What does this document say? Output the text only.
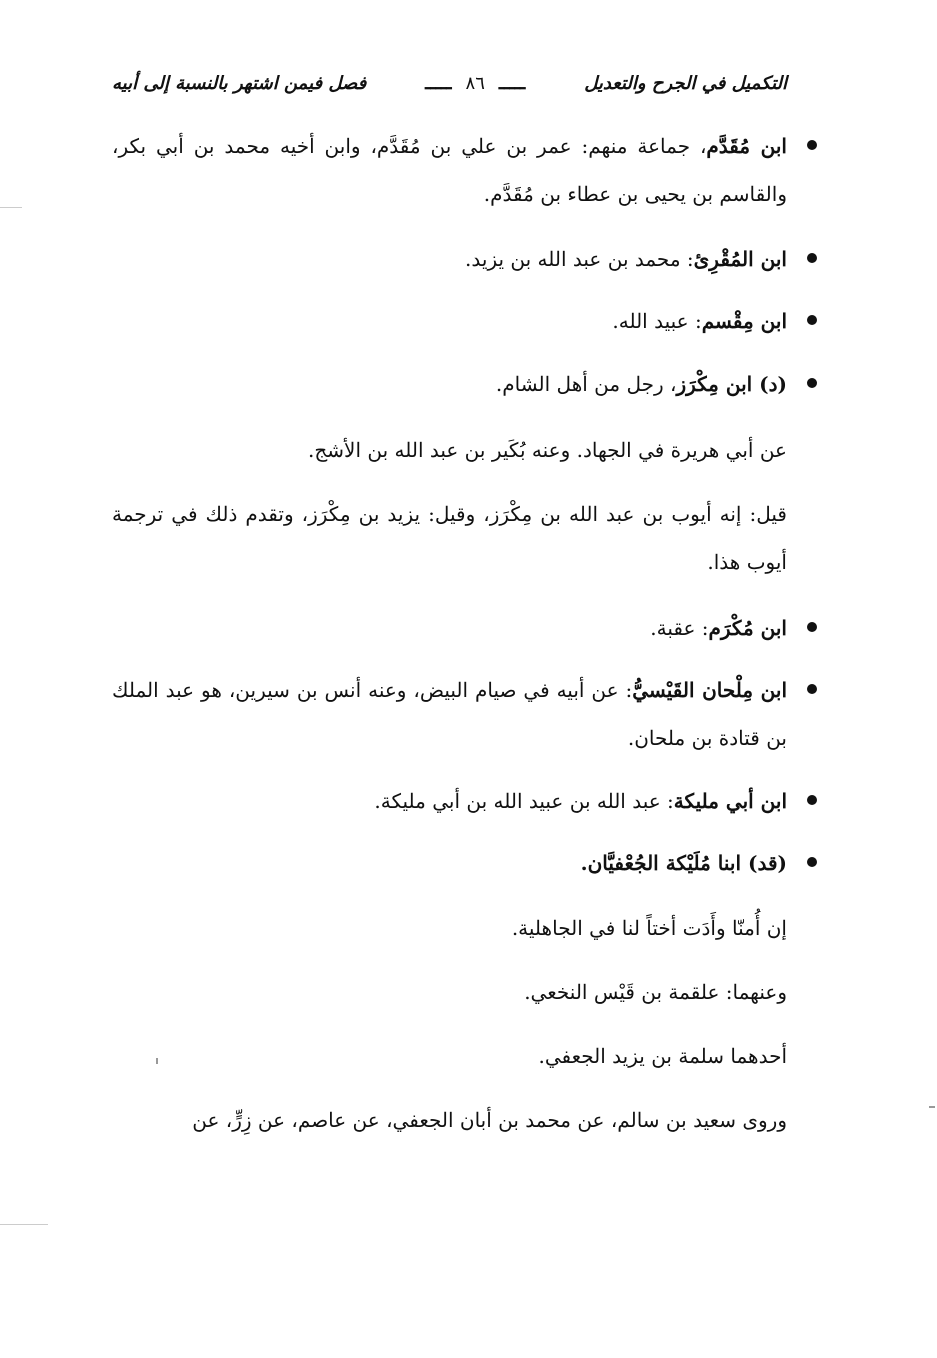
التكميل في الجرح والتعديل
ـــــ
٨٦
ـــــ
فصل فيمن اشتهر بالنسبة إلى أبيه
ابن مُقَدَّم، جماعة منهم: عمر بن علي بن مُقَدَّم، وابن أخيه محمد بن أبي بكر، والقاسم بن يحيى بن عطاء بن مُقَدَّم.
ابن المُقْرِئ: محمد بن عبد الله بن يزيد.
ابن مِقْسم: عبيد الله.
(د) ابن مِكْرَز، رجل من أهل الشام.
عن أبي هريرة في الجهاد. وعنه بُكَير بن عبد الله بن الأشج.
قيل: إنه أيوب بن عبد الله بن مِكْرَز، وقيل: يزيد بن مِكْرَز، وتقدم ذلك في ترجمة أيوب هذا.
ابن مُكْرَم: عقبة.
ابن مِلْحان القَيْسيُّ: عن أبيه في صيام البيض، وعنه أنس بن سيرين، هو عبد الملك بن قتادة بن ملحان.
ابن أبي مليكة: عبد الله بن عبيد الله بن أبي مليكة.
(قد) ابنا مُلَيْكة الجُعْفيَّان.
إن أُمنّا وأَدَت أختاً لنا في الجاهلية.
وعنهما: علقمة بن قَيْس النخعي.
أحدهما سلمة بن يزيد الجعفي.
وروى سعيد بن سالم، عن محمد بن أبان الجعفي، عن عاصم، عن زِرٍّ، عن
